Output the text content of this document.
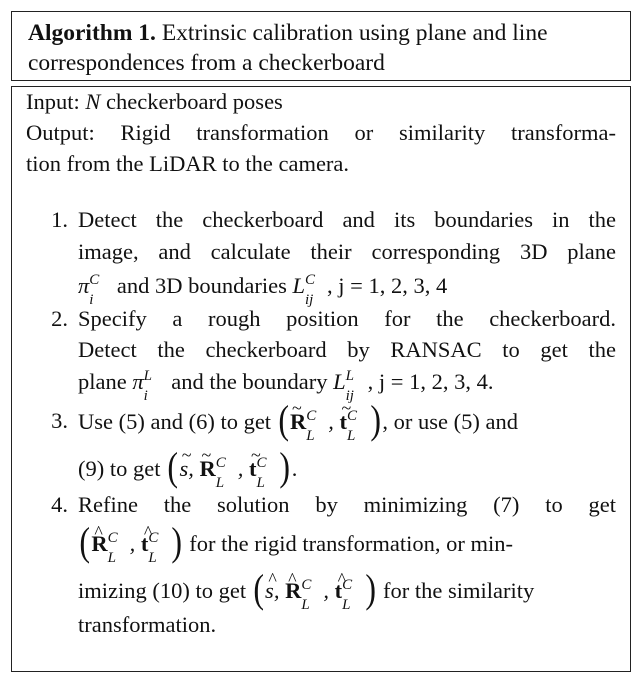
Algorithm 1. Extrinsic calibration using plane and line
correspondences from a checkerboard
Input: N checkerboard poses
Output: Rigid transformation or similarity transforma-
tion from the LiDAR to the camera.
1. Detect the checkerboard and its boundaries in the
image, and calculate their corresponding 3D plane
π C
i
and 3D boundaries L C
ij
, j = 1, 2, 3, 4
2. Specify a rough position for the checkerboard.
Detect the checkerboard by RANSAC to get the
plane π L
i
and the boundary L L
ij
, j = 1, 2, 3, 4.
3. Use (5) and (6) to get (~ R C
L
, ~ t C
L ), or use (5) and
(9) to get (~ s, ~ R C
L
, ~ t C
L ).
4. Refine the solution by minimizing (7) to get
(^ R C
L
, ^ t C
L ) for the rigid transformation, or min-
imizing (10) to get (^ s, ^ R C
L
, ^ t C
L ) for the similarity
transformation.
